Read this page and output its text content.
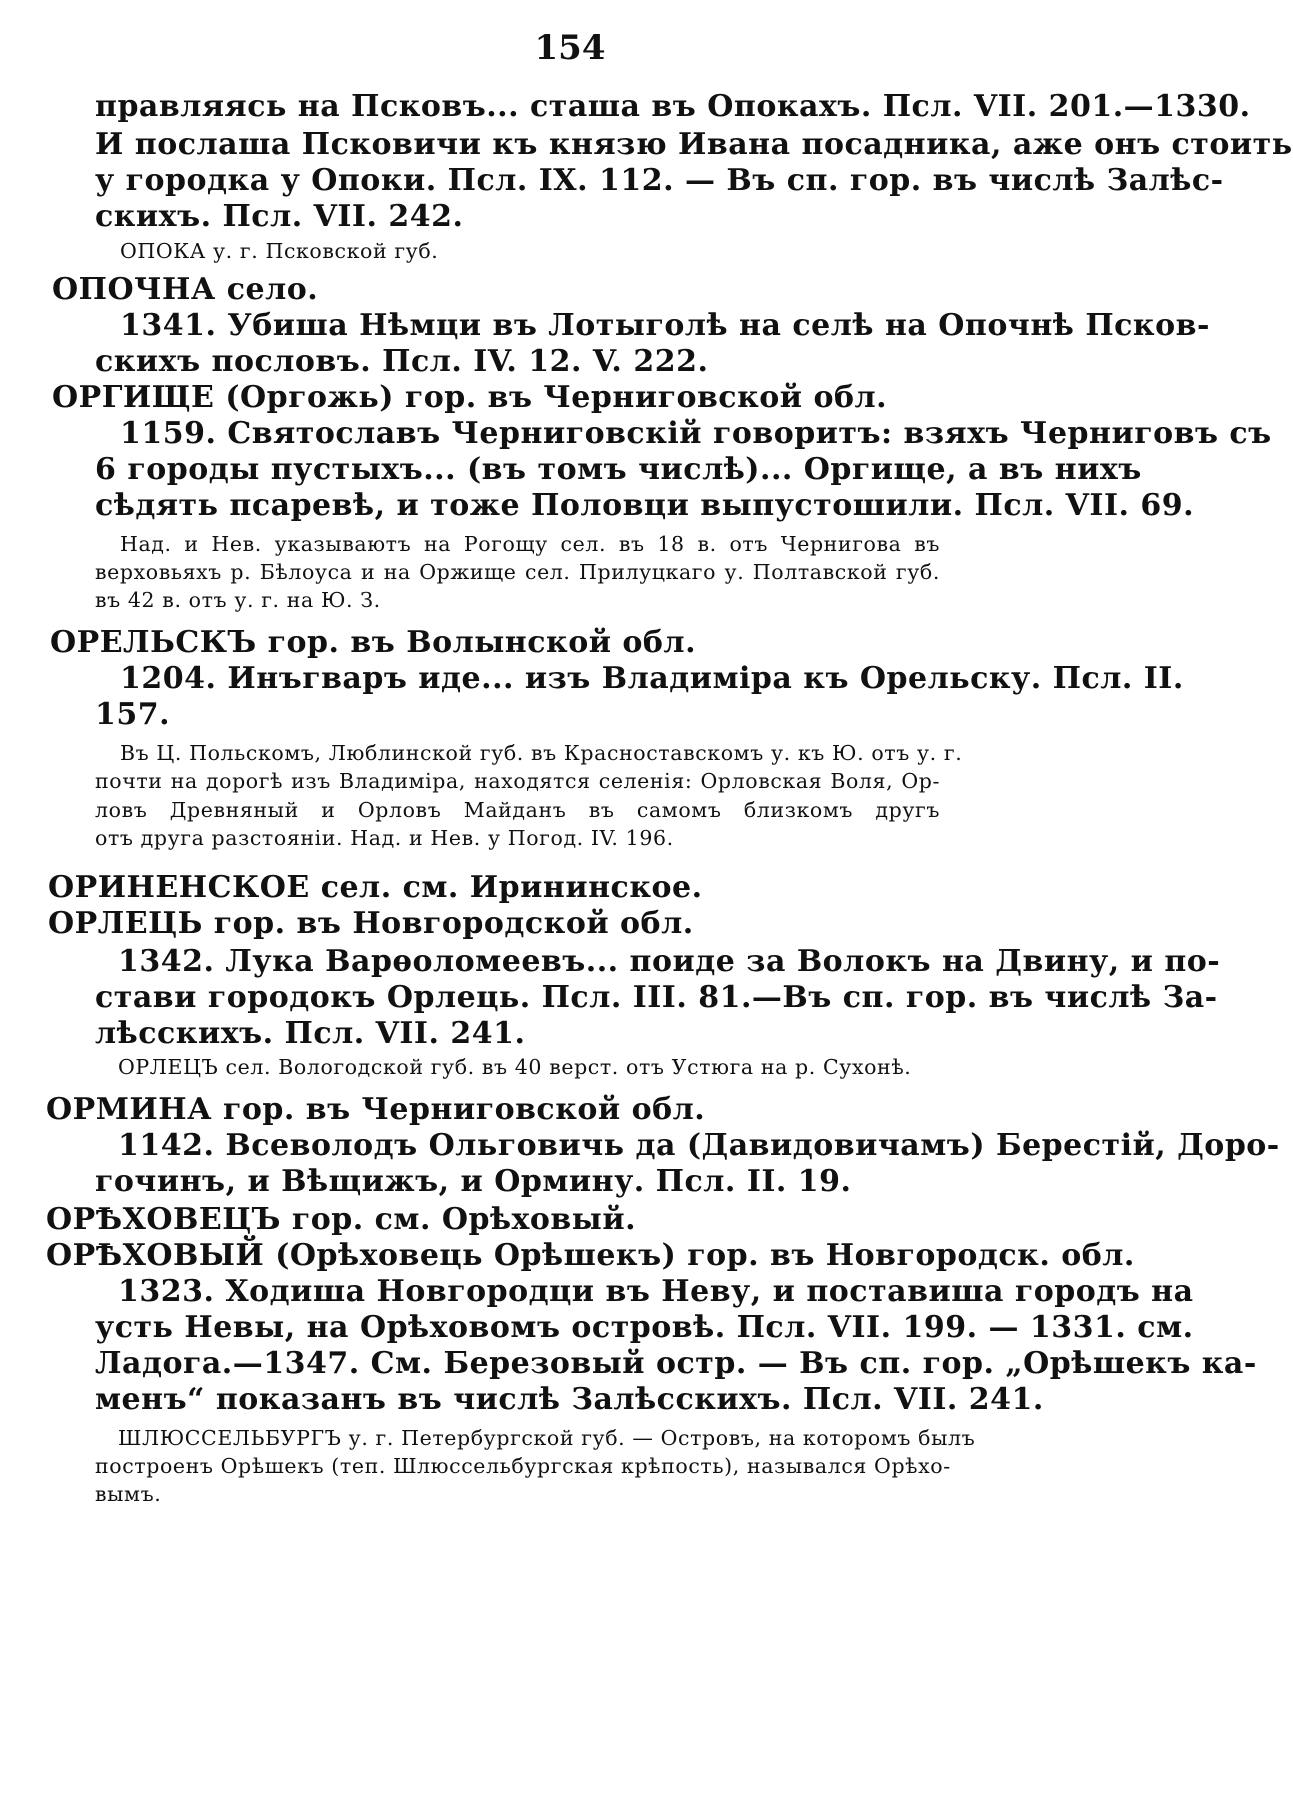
154
правляясь на Псковъ... сташа въ Опокахъ. Псл. VII. 201.—1330.
И послаша Псковичи къ князю Ивана посадника, аже онъ стоить
у городка у Опоки. Псл. IX. 112. — Въ сп. гор. въ числѣ Залѣс-
скихъ. Псл. VII. 242.
ОПОКА у. г. Псковской губ.
ОПОЧНА село.
1341. Убиша Нѣмци въ Лотыголѣ на селѣ на Опочнѣ Псков-
скихъ пословъ. Псл. IV. 12. V. 222.
ОРГИЩЕ (Оргожь) гор. въ Черниговской обл.
1159. Святославъ Черниговскій говоритъ: взяхъ Черниговъ съ
6 городы пустыхъ... (въ томъ числѣ)... Оргище, а въ нихъ
сѣдять псаревѣ, и тоже Половци выпустошили. Псл. VII. 69.
Над. и Нев. указываютъ на Рогощу сел. въ 18 в. отъ Чернигова въ
верховьяхъ р. Бѣлоуса и на Оржище сел. Прилуцкаго у. Полтавской губ.
въ 42 в. отъ у. г. на Ю. З.
ОРЕЛЬСКЪ гор. въ Волынской обл.
1204. Инъгваръ иде... изъ Владиміра къ Орельску. Псл. II.
157.
Въ Ц. Польскомъ, Люблинской губ. въ Красноставскомъ у. къ Ю. отъ у. г.
почти на дорогѣ изъ Владиміра, находятся селенія: Орловская Воля, Ор-
ловъ Древняный и Орловъ Майданъ въ самомъ близкомъ другъ
отъ друга разстояніи. Над. и Нев. у Погод. IV. 196.
ОРИНЕНСКОЕ сел. см. Ирининское.
ОРЛЕЦЬ гор. въ Новгородской обл.
1342. Лука Варѳоломеевъ... поиде за Волокъ на Двину, и по-
стави городокъ Орлець. Псл. III. 81.—Въ сп. гор. въ числѣ За-
лѣсскихъ. Псл. VII. 241.
ОРЛЕЦЪ сел. Вологодской губ. въ 40 верст. отъ Устюга на р. Сухонѣ.
ОРМИНА гор. въ Черниговской обл.
1142. Всеволодъ Ольговичь да (Давидовичамъ) Берестій, Доро-
гочинъ, и Вѣщижъ, и Ормину. Псл. II. 19.
ОРѢХОВЕЦЪ гор. см. Орѣховый.
ОРѢХОВЫЙ (Орѣховець Орѣшекъ) гор. въ Новгородск. обл.
1323. Ходиша Новгородци въ Неву, и поставиша городъ на
усть Невы, на Орѣховомъ островѣ. Псл. VII. 199. — 1331. см.
Ладога.—1347. См. Березовый остр. — Въ сп. гор. „Орѣшекъ ка-
менъ“ показанъ въ числѣ Залѣсскихъ. Псл. VII. 241.
ШЛЮССЕЛЬБУРГЪ у. г. Петербургской губ. — Островъ, на которомъ былъ
построенъ Орѣшекъ (теп. Шлюссельбургская крѣпость), назывался Орѣхо-
вымъ.
